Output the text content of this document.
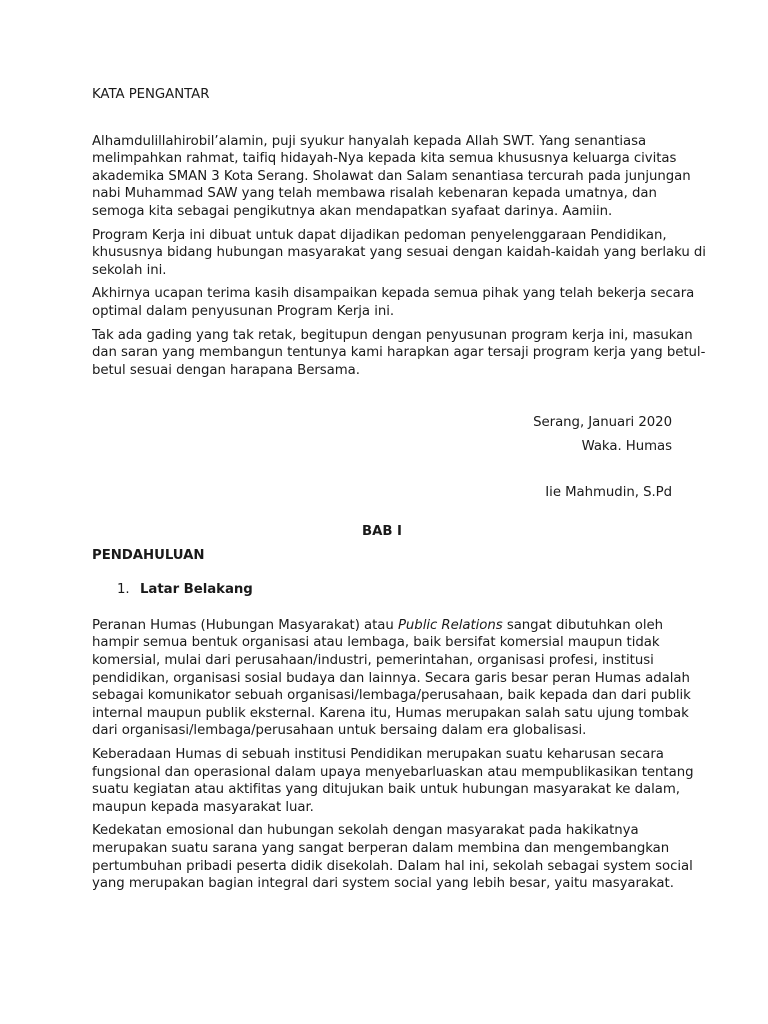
KATA PENGANTAR
Alhamdulillahirobil’alamin, puji syukur hanyalah kepada Allah SWT. Yang senantiasa
melimpahkan rahmat, taifiq hidayah-Nya kepada kita semua khususnya keluarga civitas
akademika SMAN 3 Kota Serang. Sholawat dan Salam senantiasa tercurah pada junjungan
nabi Muhammad SAW yang telah membawa risalah kebenaran kepada umatnya, dan
semoga kita sebagai pengikutnya akan mendapatkan syafaat darinya. Aamiin.
Program Kerja ini dibuat untuk dapat dijadikan pedoman penyelenggaraan Pendidikan,
khususnya bidang hubungan masyarakat yang sesuai dengan kaidah-kaidah yang berlaku di
sekolah ini.
Akhirnya ucapan terima kasih disampaikan kepada semua pihak yang telah bekerja secara
optimal dalam penyusunan Program Kerja ini.
Tak ada gading yang tak retak, begitupun dengan penyusunan program kerja ini, masukan
dan saran yang membangun tentunya kami harapkan agar tersaji program kerja yang betul-
betul sesuai dengan harapana Bersama.
Serang, Januari 2020
Waka. Humas
Iie Mahmudin, S.Pd
BAB I
PENDAHULUAN
1. Latar Belakang
Peranan Humas (Hubungan Masyarakat) atau Public Relations sangat dibutuhkan oleh
hampir semua bentuk organisasi atau lembaga, baik bersifat komersial maupun tidak
komersial, mulai dari perusahaan/industri, pemerintahan, organisasi profesi, institusi
pendidikan, organisasi sosial budaya dan lainnya. Secara garis besar peran Humas adalah
sebagai komunikator sebuah organisasi/lembaga/perusahaan, baik kepada dan dari publik
internal maupun publik eksternal. Karena itu, Humas merupakan salah satu ujung tombak
dari organisasi/lembaga/perusahaan untuk bersaing dalam era globalisasi.
Keberadaan Humas di sebuah institusi Pendidikan merupakan suatu keharusan secara
fungsional dan operasional dalam upaya menyebarluaskan atau mempublikasikan tentang
suatu kegiatan atau aktifitas yang ditujukan baik untuk hubungan masyarakat ke dalam,
maupun kepada masyarakat luar.
Kedekatan emosional dan hubungan sekolah dengan masyarakat pada hakikatnya
merupakan suatu sarana yang sangat berperan dalam membina dan mengembangkan
pertumbuhan pribadi peserta didik disekolah. Dalam hal ini, sekolah sebagai system social
yang merupakan bagian integral dari system social yang lebih besar, yaitu masyarakat.
